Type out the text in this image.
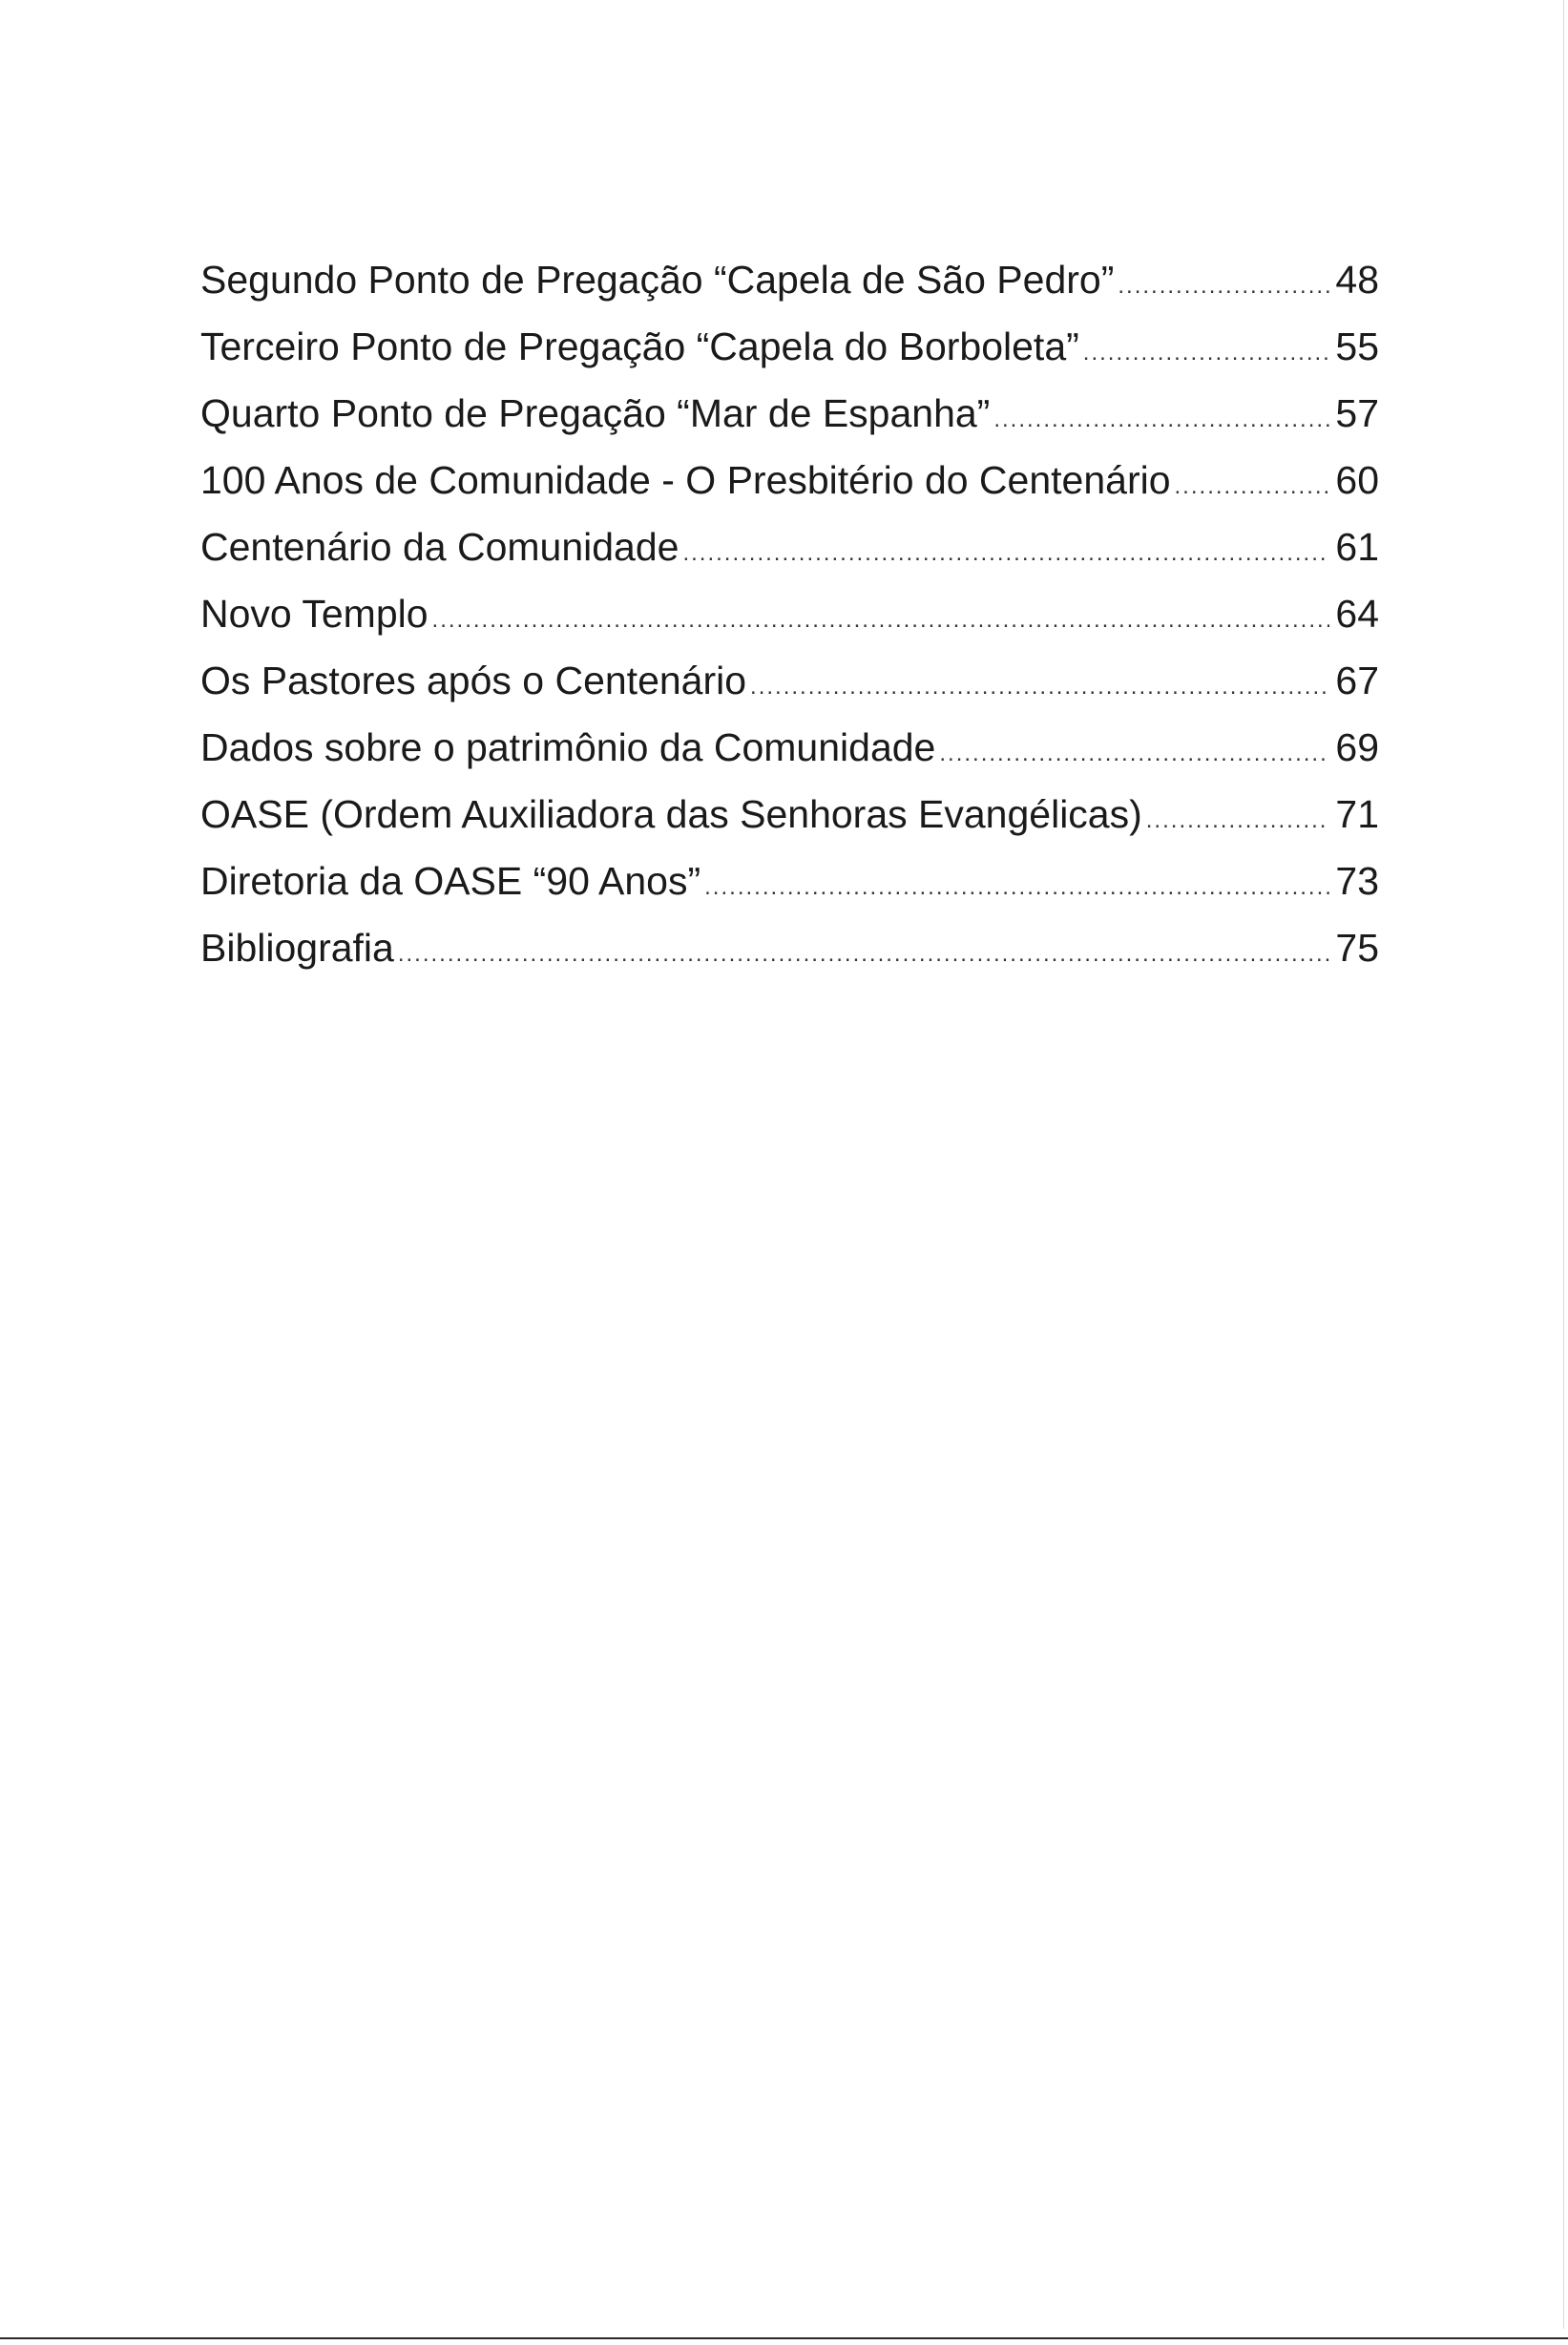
Segundo Ponto de Pregação “Capela de São Pedro” .....	48
Terceiro Ponto de Pregação “Capela do Borboleta” .....	55
Quarto Ponto de Pregação “Mar de Espanha” .....	57
100 Anos de Comunidade - O Presbitério do Centenário .....	60
Centenário da Comunidade .....	61
Novo Templo .....	64
Os Pastores após o Centenário .....	67
Dados sobre o patrimônio da Comunidade .....	69
OASE (Ordem Auxiliadora das Senhoras Evangélicas) .....	71
Diretoria da OASE “90 Anos” .....	73
Bibliografia .....	75
